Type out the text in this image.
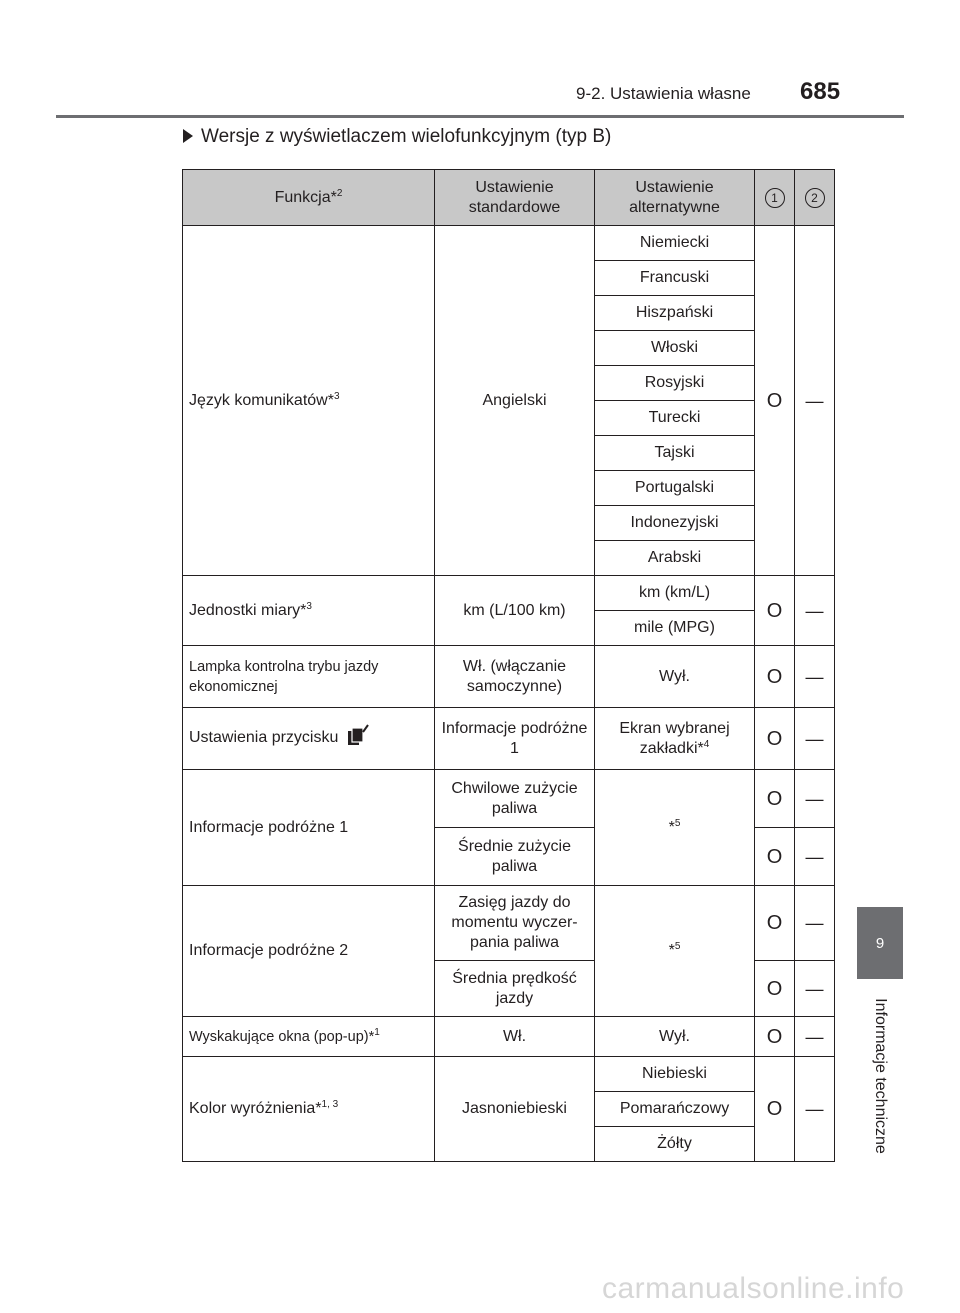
9-2. Ustawienia własne 685
Wersje z wyświetlaczem wielofunkcyjnym (typ B)
Funkcja*$^2$	Ustawienie standardowe	Ustawienie alternatywne	1	2
Język komunikatów*$^3$	Angielski	Niemiecki	O	—
		Francuski		
		Hiszpański		
		Włoski		
		Rosyjski		
		Turecki		
		Tajski		
		Portugalski		
		Indonezyjski		
		Arabski		
Jednostki miary*$^3$	km (L/100 km)	km (km/L)	O	—
		mile (MPG)		
Lampka kontrolna trybu jazdy ekonomicznej	Wł. (włączanie samoczynne)	Wył.	O	—
Ustawienia przycisku	Informacje podróżne 1	Ekran wybranej zakładki*$^4$	O	—
Informacje podróżne 1	Chwilowe zużycie paliwa	*$^5$	O	—
	Średnie zużycie paliwa		O	—
Informacje podróżne 2	Zasięg jazdy do momentu wyczer-pania paliwa	*$^5$	O	—
	Średnia prędkość jazdy		O	—
Wyskakujące okna (pop-up)*$^1$	Wł.	Wył.	O	—
Kolor wyróżnienia*$^{1, 3}$	Jasnoniebieski	Niebieski	O	—
		Pomarańczowy		
		Żółty		
9
Informacje techniczne
carmanualsonline.info
